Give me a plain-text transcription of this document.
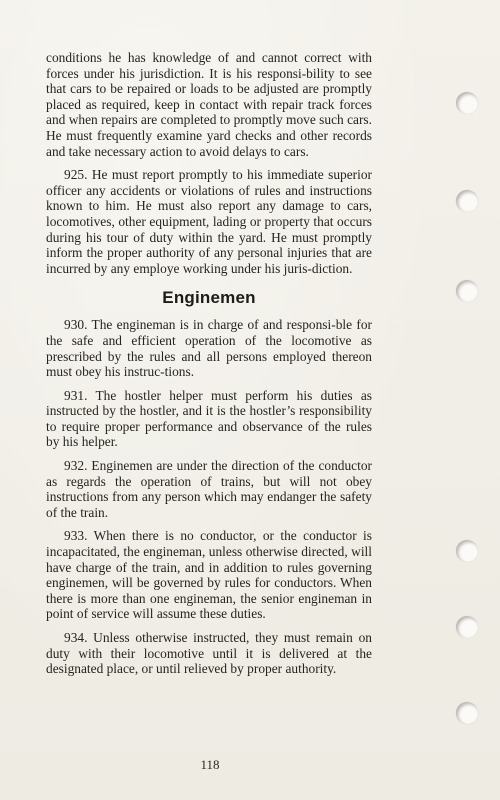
conditions he has knowledge of and cannot correct with forces under his jurisdiction. It is his responsi-bility to see that cars to be repaired or loads to be adjusted are promptly placed as required, keep in contact with repair track forces and when repairs are completed to promptly move such cars. He must frequently examine yard checks and other records and take necessary action to avoid delays to cars.

925. He must report promptly to his immediate superior officer any accidents or violations of rules and instructions known to him. He must also report any damage to cars, locomotives, other equipment, lading or property that occurs during his tour of duty within the yard. He must promptly inform the proper authority of any personal injuries that are incurred by any employe working under his juris-diction.

Enginemen

930. The engineman is in charge of and responsi-ble for the safe and efficient operation of the locomotive as prescribed by the rules and all persons employed thereon must obey his instruc-tions.

931. The hostler helper must perform his duties as instructed by the hostler, and it is the hostler’s responsibility to require proper performance and observance of the rules by his helper.

932. Enginemen are under the direction of the conductor as regards the operation of trains, but will not obey instructions from any person which may endanger the safety of the train.

933. When there is no conductor, or the conductor is incapacitated, the engineman, unless otherwise directed, will have charge of the train, and in addition to rules governing enginemen, will be governed by rules for conductors. When there is more than one engineman, the senior engineman in point of service will assume these duties.

934. Unless otherwise instructed, they must remain on duty with their locomotive until it is delivered at the designated place, or until relieved by proper authority.

118
